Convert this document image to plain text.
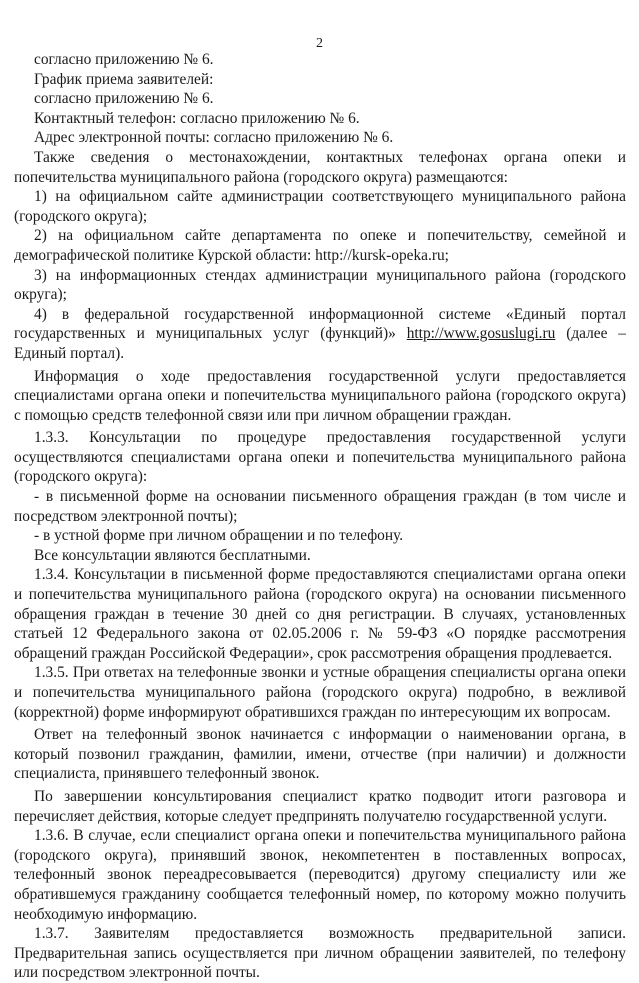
2

согласно приложению № 6.

График приема заявителей:

согласно приложению № 6.

Контактный телефон: согласно приложению № 6.

Адрес электронной почты: согласно приложению № 6.

Также сведения о местонахождении, контактных телефонах органа опеки и попечительства муниципального района (городского округа) размещаются:

1) на официальном сайте администрации соответствующего муниципального района (городского округа);

2) на официальном сайте департамента по опеке и попечительству, семейной и демографической политике Курской области: http://kursk-opeka.ru;

3) на информационных стендах администрации муниципального района (городского округа);

4) в федеральной государственной информационной системе «Единый портал государственных и муниципальных услуг (функций)» http://www.gosuslugi.ru (далее – Единый портал).

Информация о ходе предоставления государственной услуги предоставляется специалистами органа опеки и попечительства муниципального района (городского округа) с помощью средств телефонной связи или при личном обращении граждан.

1.3.3. Консультации по процедуре предоставления государственной услуги осуществляются специалистами органа опеки и попечительства муниципального района (городского округа):

- в письменной форме на основании письменного обращения граждан (в том числе и посредством электронной почты);

- в устной форме при личном обращении и по телефону.

Все консультации являются бесплатными.

1.3.4. Консультации в письменной форме предоставляются специалистами органа опеки и попечительства муниципального района (городского округа) на основании письменного обращения граждан в течение 30 дней со дня регистрации. В случаях, установленных статьей 12 Федерального закона от 02.05.2006 г. № 59-ФЗ «О порядке рассмотрения обращений граждан Российской Федерации», срок рассмотрения обращения продлевается.

1.3.5. При ответах на телефонные звонки и устные обращения специалисты органа опеки и попечительства муниципального района (городского округа) подробно, в вежливой (корректной) форме информируют обратившихся граждан по интересующим их вопросам.

Ответ на телефонный звонок начинается с информации о наименовании органа, в который позвонил гражданин, фамилии, имени, отчестве (при наличии) и должности специалиста, принявшего телефонный звонок.

По завершении консультирования специалист кратко подводит итоги разговора и перечисляет действия, которые следует предпринять получателю государственной услуги.

1.3.6. В случае, если специалист органа опеки и попечительства муниципального района (городского округа), принявший звонок, некомпетентен в поставленных вопросах, телефонный звонок переадресовывается (переводится) другому специалисту или же обратившемуся гражданину сообщается телефонный номер, по которому можно получить необходимую информацию.

1.3.7. Заявителям предоставляется возможность предварительной записи. Предварительная запись осуществляется при личном обращении заявителей, по телефону или посредством электронной почты.
